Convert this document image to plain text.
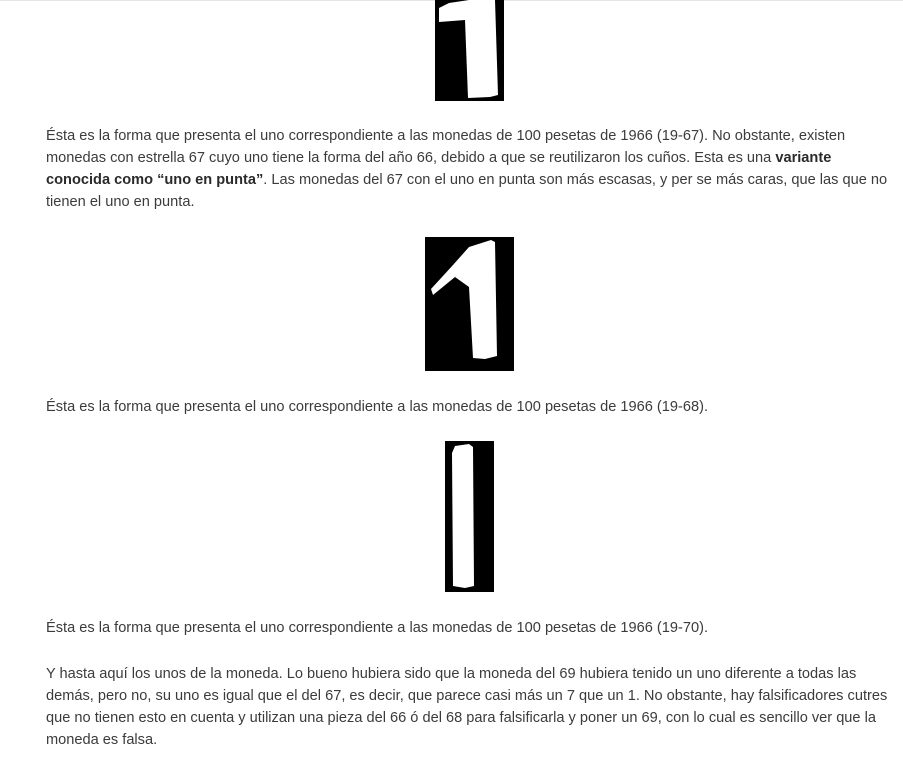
Ésta es la forma que presenta el uno correspondiente a las monedas de 100 pesetas de 1966 (19-67). No obstante, existen monedas con estrella 67 cuyo uno tiene la forma del año 66, debido a que se reutilizaron los cuños. Esta es una variante conocida como “uno en punta”. Las monedas del 67 con el uno en punta son más escasas, y per se más caras, que las que no tienen el uno en punta.

Ésta es la forma que presenta el uno correspondiente a las monedas de 100 pesetas de 1966 (19-68).

Ésta es la forma que presenta el uno correspondiente a las monedas de 100 pesetas de 1966 (19-70).

Y hasta aquí los unos de la moneda. Lo bueno hubiera sido que la moneda del 69 hubiera tenido un uno diferente a todas las demás, pero no, su uno es igual que el del 67, es decir, que parece casi más un 7 que un 1. No obstante, hay falsificadores cutres que no tienen esto en cuenta y utilizan una pieza del 66 ó del 68 para falsificarla y poner un 69, con lo cual es sencillo ver que la moneda es falsa.
